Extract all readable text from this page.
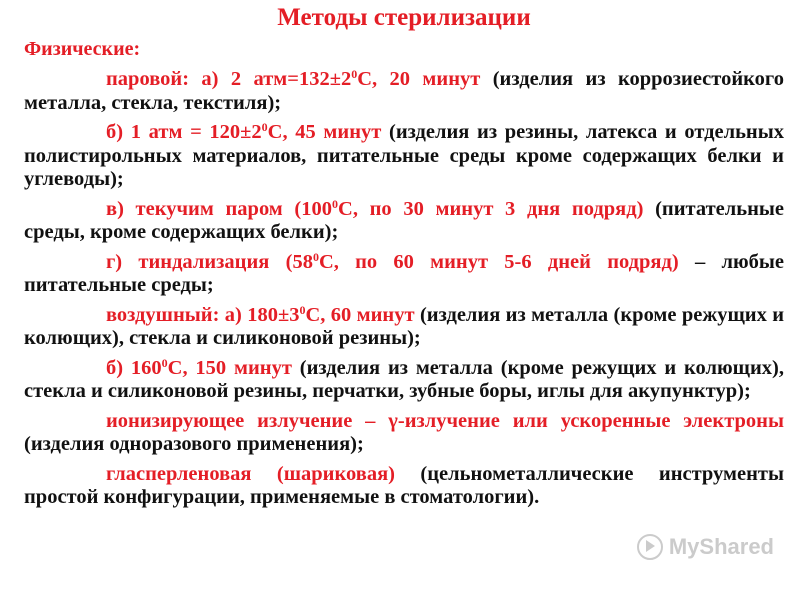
Методы стерилизации
Физические:

паровой: а) 2 $атм=132\pm 2^0С$, 20 минут (изделия из коррозиестойкого металла, стекла, текстиля);

б) 1 атм = $120\pm 2^0С$, 45 минут (изделия из резины, латекса и отдельных полистирольных материалов, питательные среды кроме содержащих белки и углеводы);

в) текучим паром ($100^0С$, по 30 минут 3 дня подряд) (питательные среды, кроме содержащих белки);

г) тиндализация ($58^0С$, по 60 минут 5-6 дней подряд) – любые питательные среды;

воздушный: а) $180\pm 3^0С$, 60 минут (изделия из металла (кроме режущих и колющих), стекла и силиконовой резины);

б) $160^0С$, 150 минут (изделия из металла (кроме режущих и колющих), стекла и силиконовой резины, перчатки, зубные боры, иглы для акупунктур);

ионизирующее излучение – γ-излучение или ускоренные электроны (изделия одноразового применения);

гласперленовая (шариковая) (цельнометаллические инструменты простой конфигурации, применяемые в стоматологии).

MyShared
